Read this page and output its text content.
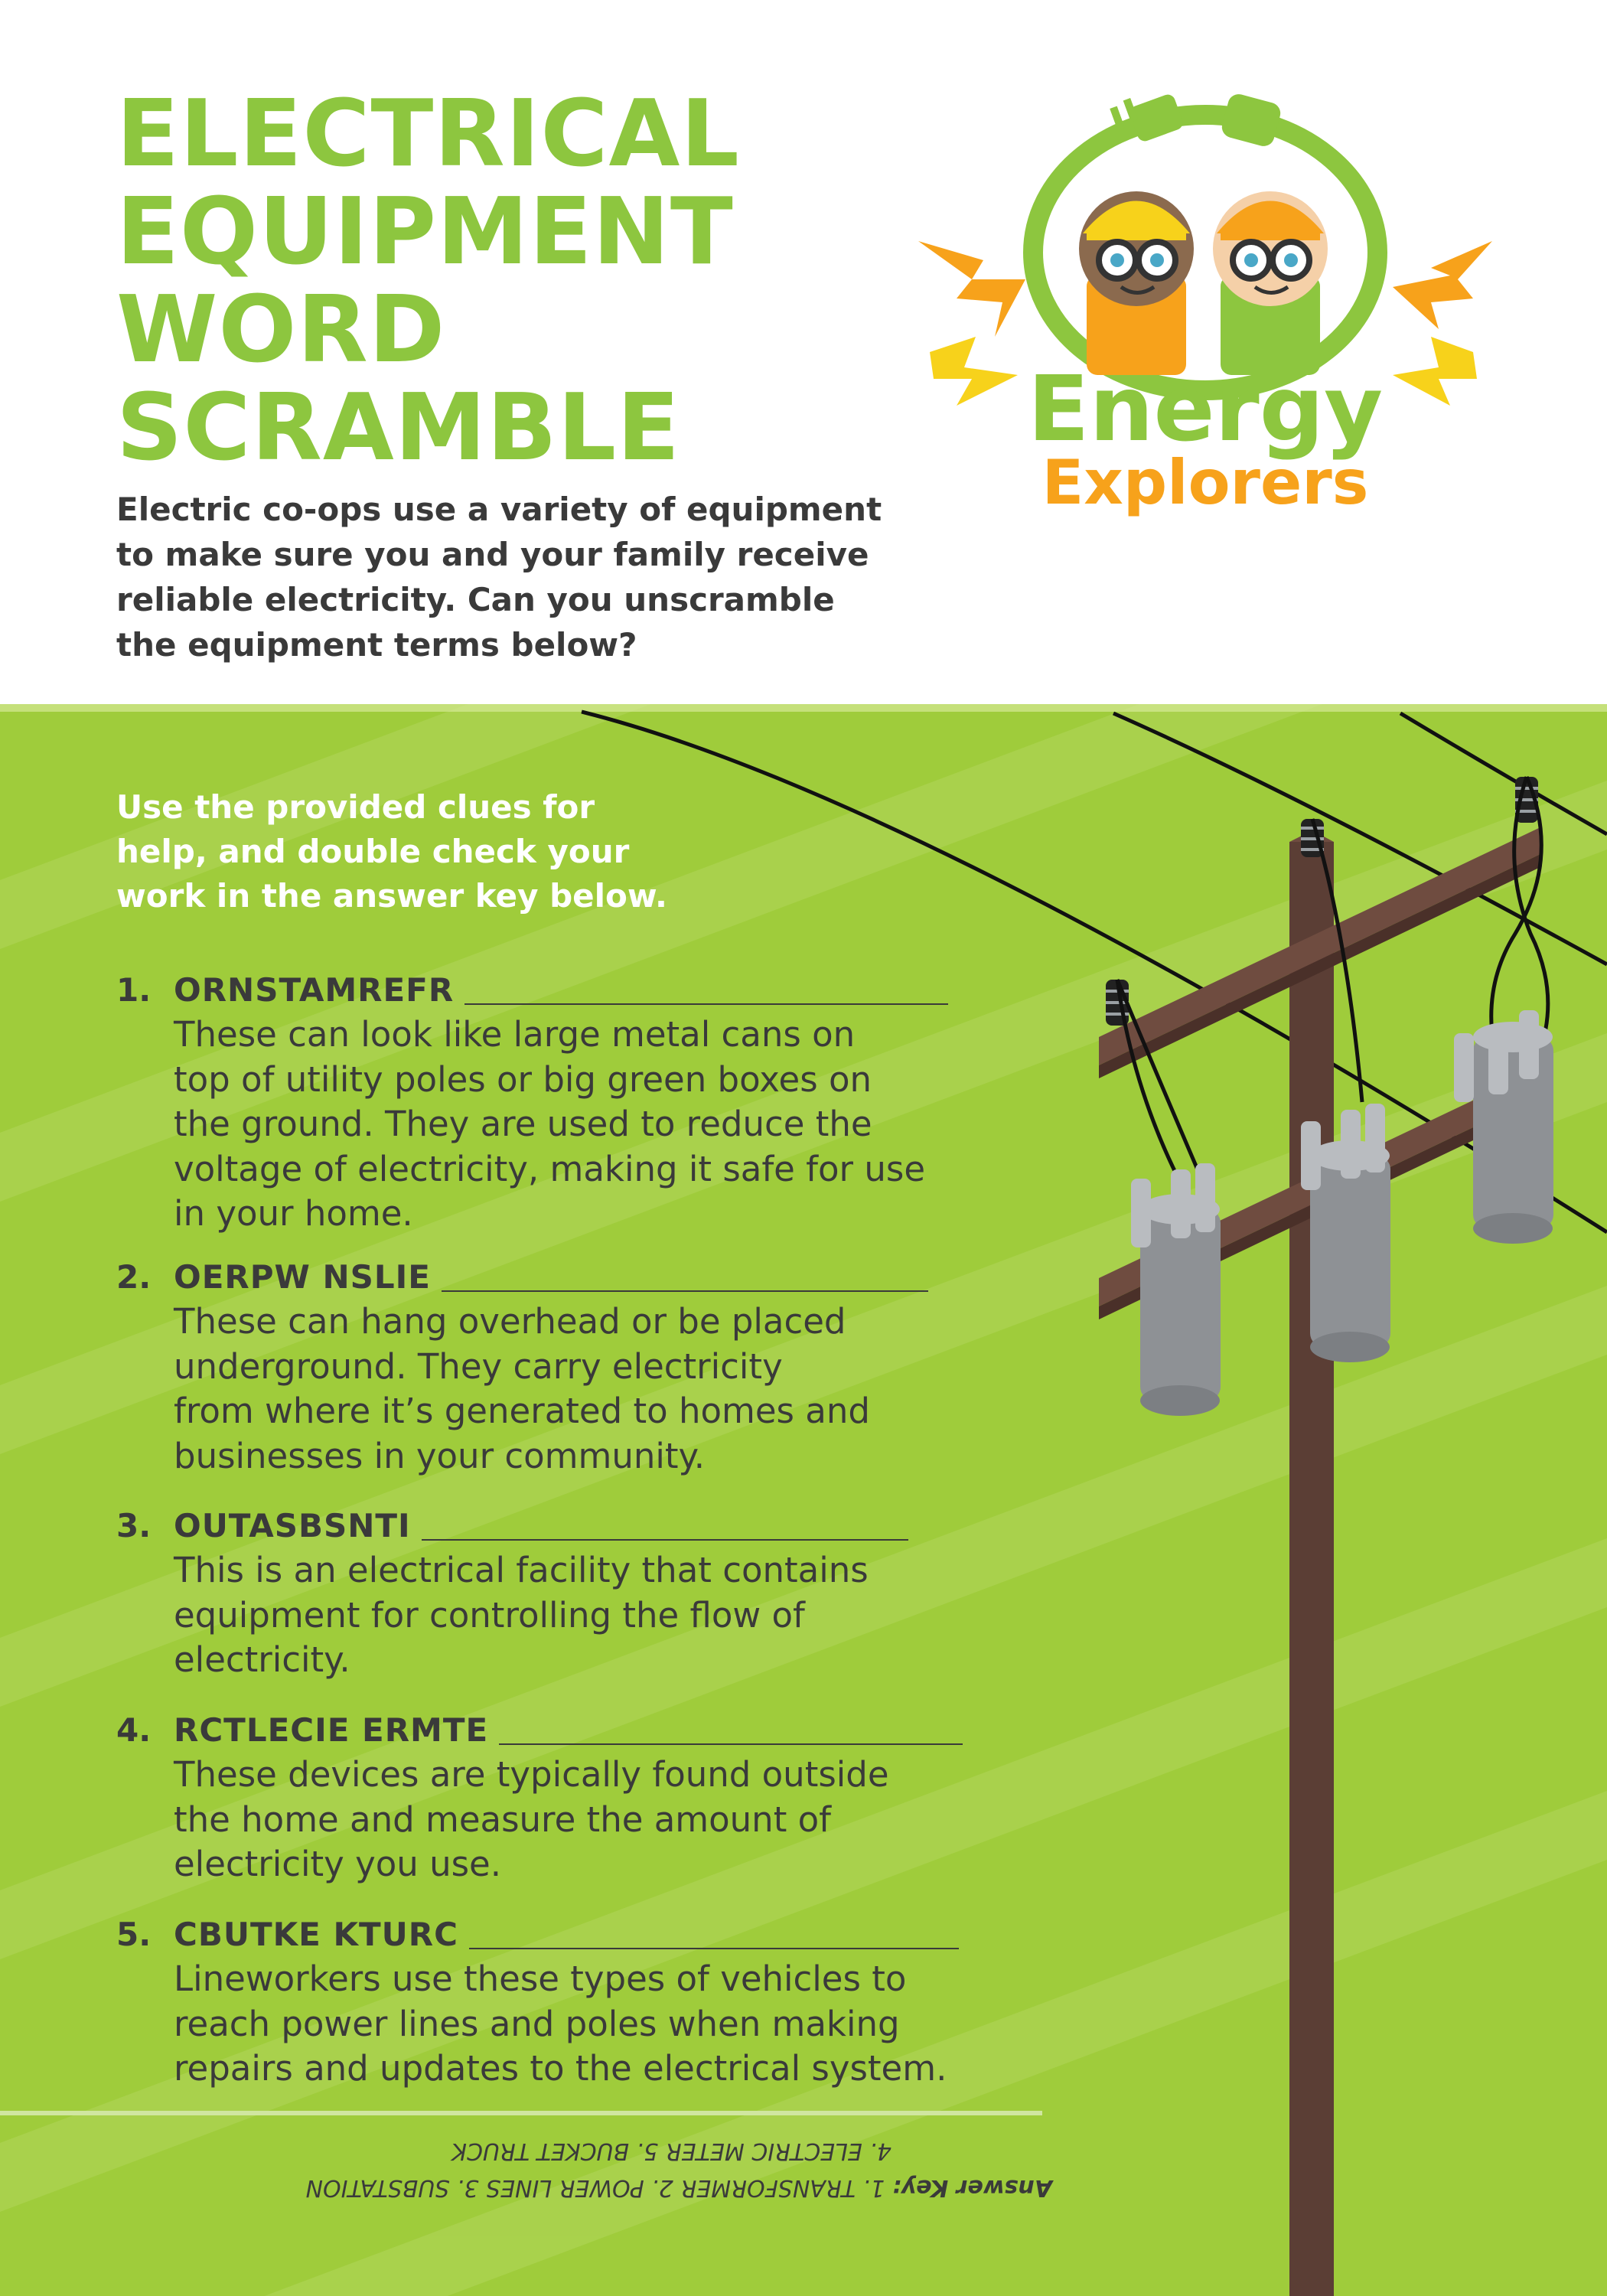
ELECTRICAL
EQUIPMENT
WORD
SCRAMBLE

Electric co-ops use a variety of equipment
to make sure you and your family receive
reliable electricity. Can you unscramble
the equipment terms below?

Energy
Explorers

Use the provided clues for
help, and double check your
work in the answer key below.

1. ORNSTAMREFR

These can look like large metal cans on
top of utility poles or big green boxes on
the ground. They are used to reduce the
voltage of electricity, making it safe for use
in your home.

2. OERPW NSLIE

These can hang overhead or be placed
underground. They carry electricity
from where it’s generated to homes and
businesses in your community.

3. OUTASBSNTI

This is an electrical facility that contains
equipment for controlling the flow of
electricity.

4. RCTLECIE ERMTE

These devices are typically found outside
the home and measure the amount of
electricity you use.

5. CBUTKE KTURC

Lineworkers use these types of vehicles to
reach power lines and poles when making
repairs and updates to the electrical system.

Answer Key: 1. TRANSFORMER 2. POWER LINES 3. SUBSTATION
4. ELECTRIC METER 5. BUCKET TRUCK
